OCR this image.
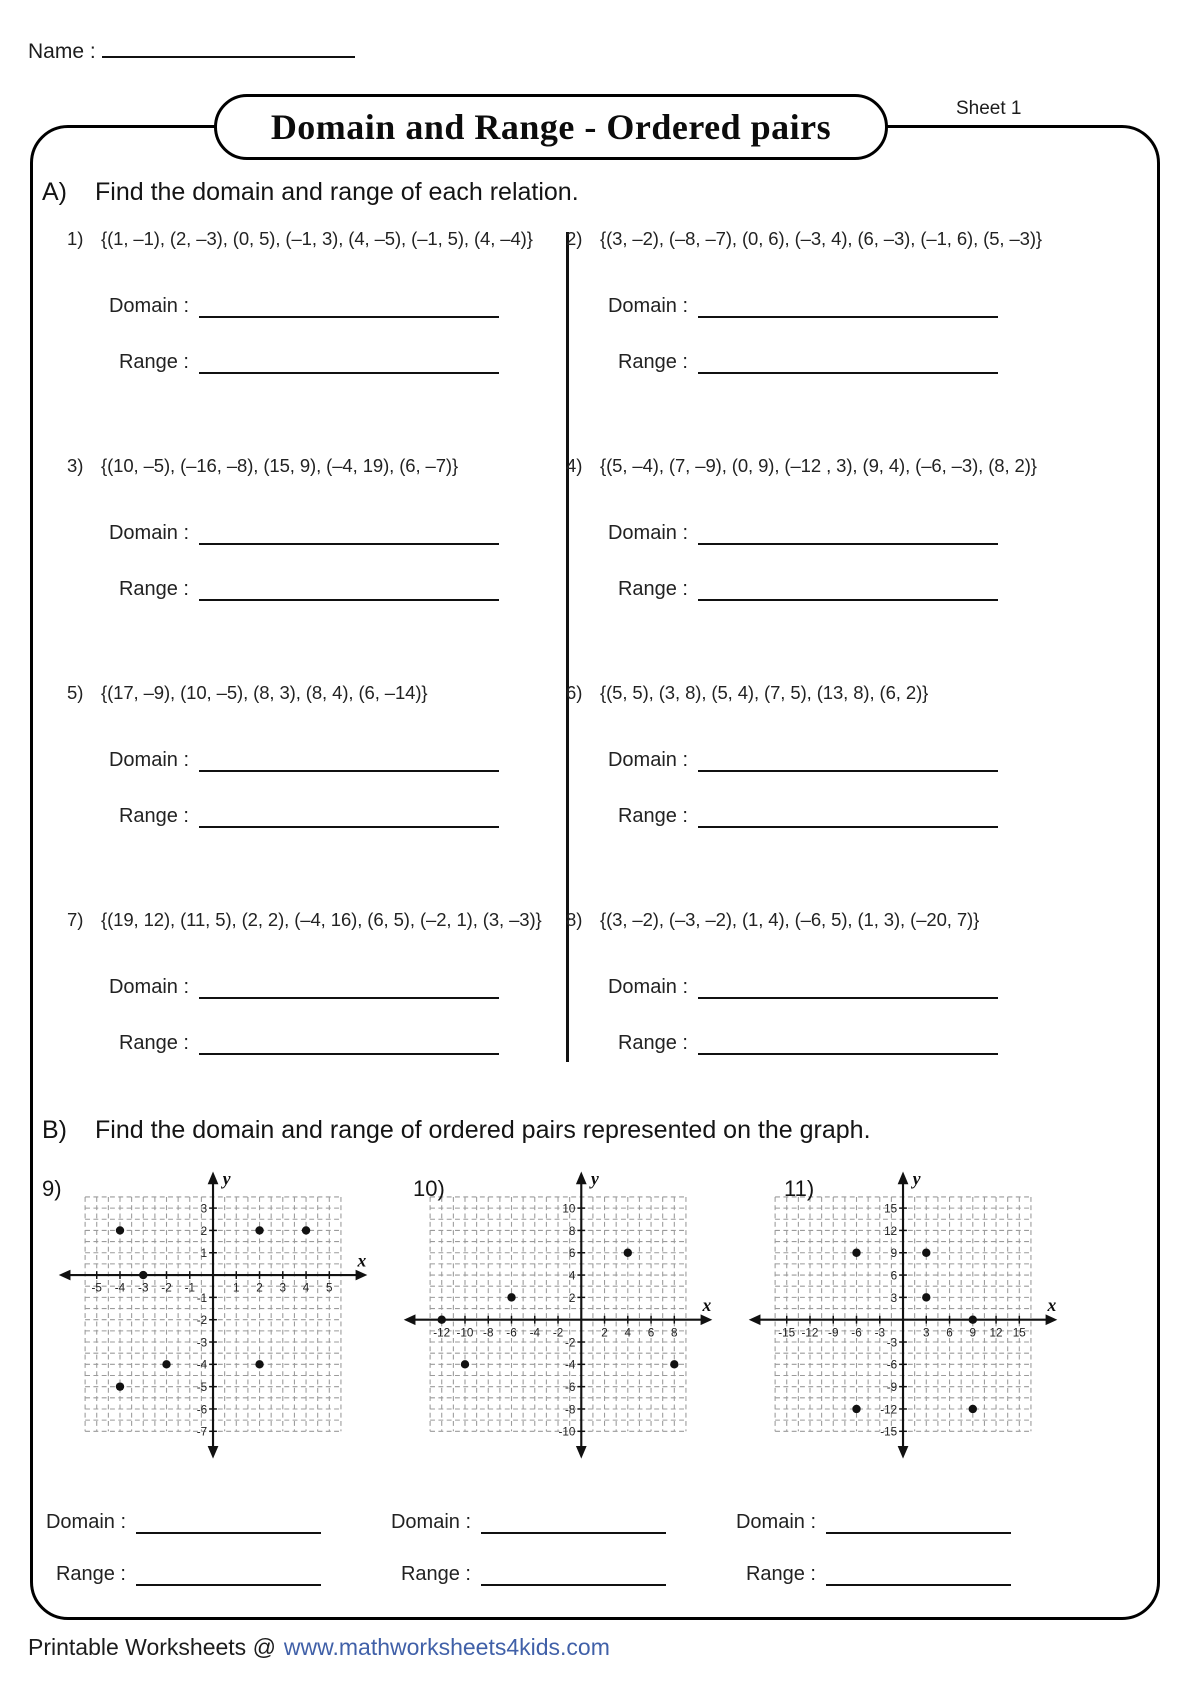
Name :
Domain and Range - Ordered pairs	Sheet 1
A) Find the domain and range of each relation.
1) {(1, –1), (2, –3), (0, 5), (–1, 3), (4, –5), (–1, 5), (4, –4)}
Domain :
Range :
2) {(3, –2), (–8, –7), (0, 6), (–3, 4), (6, –3), (–1, 6), (5, –3)}
Domain :
Range :
3) {(10, –5), (–16, –8), (15, 9), (–4, 19), (6, –7)}
Domain :
Range :
4) {(5, –4), (7, –9), (0, 9), (–12 , 3), (9, 4), (–6, –3), (8, 2)}
Domain :
Range :
5) {(17, –9), (10, –5), (8, 3), (8, 4), (6, –14)}
Domain :
Range :
6) {(5, 5), (3, 8), (5, 4), (7, 5), (13, 8), (6, 2)}
Domain :
Range :
7) {(19, 12), (11, 5), (2, 2), (–4, 16), (6, 5), (–2, 1), (3, –3)}
Domain :
Range :
8) {(3, –2), (–3, –2), (1, 4), (–6, 5), (1, 3), (–20, 7)}
Domain :
Range :
B) Find the domain and range of ordered pairs represented on the graph.
9)
-5 -4 -3 -2 -1	1 2 3 4 5
3
2
1
-1
-2
-3
-4
-5
-6
-7
x
y
Domain :
Range :
10)
-12 -10 -8 -6 -4 -2	2 4 6 8
10
8
6
4
2
-2
-4
-6
-8
-10
x
y
Domain :
Range :
11)
-15 -12 -9 -6 -3	3 6 9 12 15
15
12
9
6
3
-3
-6
-9
-12
-15
x
y
Domain :
Range :
Printable Worksheets @ www.mathworksheets4kids.com
